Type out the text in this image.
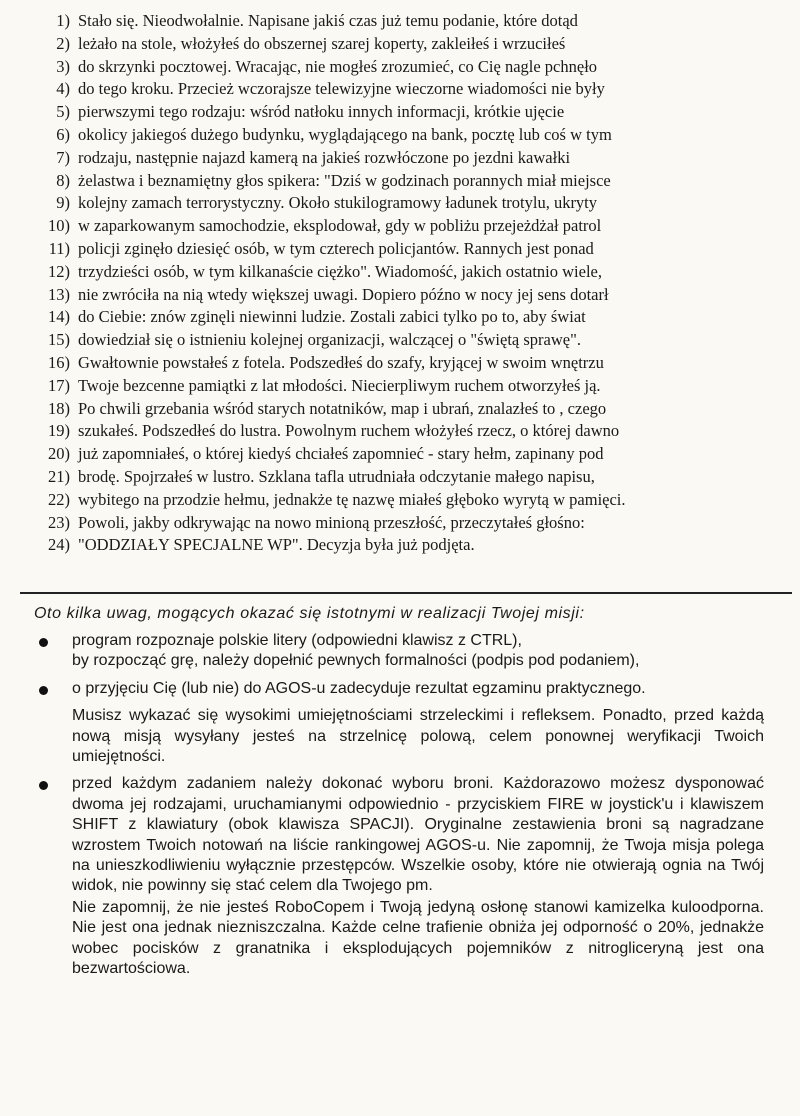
1) Stało się. Nieodwołalnie. Napisane jakiś czas już temu podanie, które dotąd
2) leżało na stole, włożyłeś do obszernej szarej koperty, zakleiłeś i wrzuciłeś
3) do skrzynki pocztowej. Wracając, nie mogłeś zrozumieć, co Cię nagle pchnęło
4) do tego kroku. Przecież wczorajsze telewizyjne wieczorne wiadomości nie były
5) pierwszymi tego rodzaju: wśród natłoku innych informacji, krótkie ujęcie
6) okolicy jakiegoś dużego budynku, wyglądającego na bank, pocztę lub coś w tym
7) rodzaju, następnie najazd kamerą na jakieś rozwłóczone po jezdni kawałki
8) żelastwa i beznamiętny głos spikera: "Dziś w godzinach porannych miał miejsce
9) kolejny zamach terrorystyczny. Około stukilogramowy ładunek trotylu, ukryty
10) w zaparkowanym samochodzie, eksplodował, gdy w pobliżu przejeżdżał patrol
11) policji zginęło dziesięć osób, w tym czterech policjantów. Rannych jest ponad
12) trzydzieści osób, w tym kilkanaście ciężko". Wiadomość, jakich ostatnio wiele,
13) nie zwróciła na nią wtedy większej uwagi. Dopiero późno w nocy jej sens dotarł
14) do Ciebie: znów zginęli niewinni ludzie. Zostali zabici tylko po to, aby świat
15) dowiedział się o istnieniu kolejnej organizacji, walczącej o "świętą sprawę".
16) Gwałtownie powstałeś z fotela. Podszedłeś do szafy, kryjącej w swoim wnętrzu
17) Twoje bezcenne pamiątki z lat młodości. Niecierpliwym ruchem otworzyłeś ją.
18) Po chwili grzebania wśród starych notatników, map i ubrań, znalazłeś to , czego
19) szukałeś. Podszedłeś do lustra. Powolnym ruchem włożyłeś rzecz, o której dawno
20) już zapomniałeś, o której kiedyś chciałeś zapomnieć - stary hełm, zapinany pod
21) brodę. Spojrzałeś w lustro. Szklana tafla utrudniała odczytanie małego napisu,
22) wybitego na przodzie hełmu, jednakże tę nazwę miałeś głęboko wyrytą w pamięci.
23) Powoli, jakby odkrywając na nowo minioną przeszłość, przeczytałeś głośno:
24) "ODDZIAŁY SPECJALNE WP". Decyzja była już podjęta.
Oto kilka uwag, mogących okazać się istotnymi w realizacji Twojej misji:
program rozpoznaje polskie litery (odpowiedni klawisz z CTRL),
by rozpocząć grę, należy dopełnić pewnych formalności (podpis pod podaniem),
o przyjęciu Cię (lub nie) do AGOS-u zadecyduje rezultat egzaminu praktycznego.
Musisz wykazać się wysokimi umiejętnościami strzeleckimi i refleksem. Ponadto, przed każdą nową misją wysyłany jesteś na strzelnicę polową, celem ponownej weryfikacji Twoich umiejętności.
przed każdym zadaniem należy dokonać wyboru broni. Każdorazowo możesz dysponować dwoma jej rodzajami, uruchamianymi odpowiednio - przyciskiem FIRE w joystick'u i klawiszem SHIFT z klawiatury (obok klawisza SPACJI). Oryginalne zestawienia broni są nagradzane wzrostem Twoich notowań na liście rankingowej AGOS-u. Nie zapomnij, że Twoja misja polega na unieszkodliwieniu wyłącznie przestępców. Wszelkie osoby, które nie otwierają ognia na Twój widok, nie powinny się stać celem dla Twojego pm.
Nie zapomnij, że nie jesteś RoboCopem i Twoją jedyną osłonę stanowi kamizelka kuloodporna. Nie jest ona jednak niezniszczalna. Każde celne trafienie obniża jej odporność o 20%, jednakże wobec pocisków z granatnika i eksplodujących pojemników z nitrogliceryną jest ona bezwartościowa.
